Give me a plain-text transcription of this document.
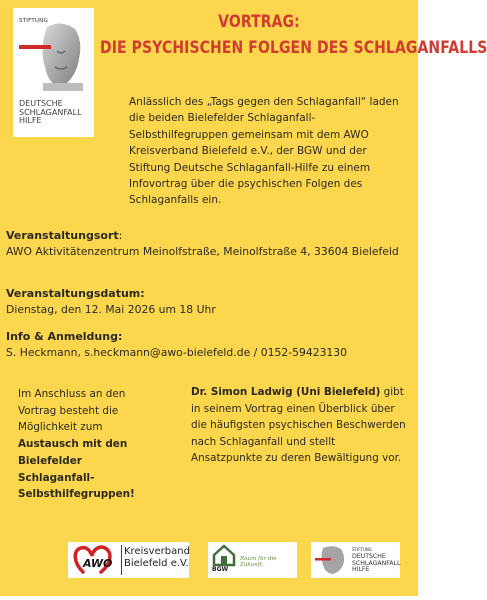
STIFTUNG
DEUTSCHE
SCHLAGANFALL
HILFE
VORTRAG:
DIE PSYCHISCHEN FOLGEN DES SCHLAGANFALLS
Anlässlich des „Tags gegen den Schlaganfall“ laden die beiden Bielefelder Schlaganfall-Selbsthilfegruppen gemeinsam mit dem AWO Kreisverband Bielefeld e.V., der BGW und der Stiftung Deutsche Schlaganfall-Hilfe zu einem Infovortrag über die psychischen Folgen des Schlaganfalls ein.
Veranstaltungsort:
AWO Aktivitätenzentrum Meinolfstraße, Meinolfstraße 4, 33604 Bielefeld
Veranstaltungsdatum:
Dienstag, den 12. Mai 2026 um 18 Uhr
Info & Anmeldung:
S. Heckmann, s.heckmann@awo-bielefeld.de / 0152-59423130
Im Anschluss an den Vortrag besteht die Möglichkeit zum Austausch mit den Bielefelder Schlaganfall-Selbsthilfegruppen!
Dr. Simon Ladwig (Uni Bielefeld) gibt in seinem Vortrag einen Überblick über die häufigsten psychischen Beschwerden nach Schlaganfall und stellt Ansatzpunkte zu deren Bewältigung vor.
AWO
Kreisverband
Bielefeld e.V.
BGW
Raum für die Zukunft
STIFTUNG
DEUTSCHE
SCHLAGANFALL
HILFE
